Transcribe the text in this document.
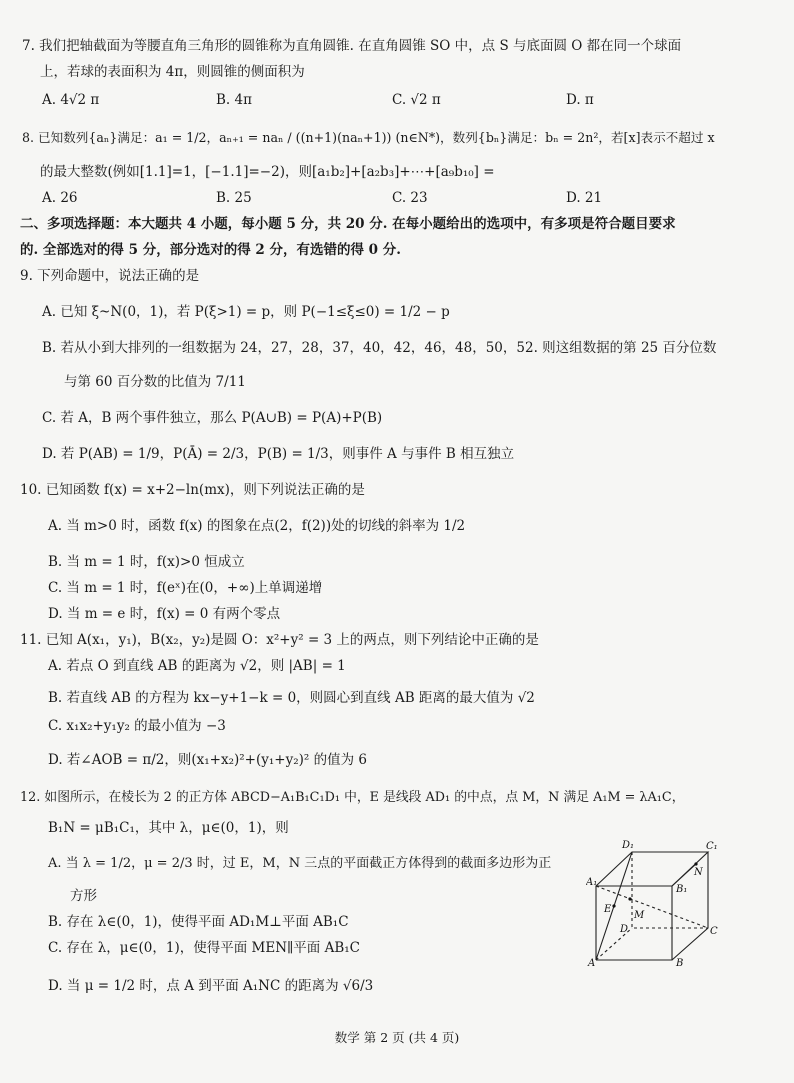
7. 我们把轴截面为等腰直角三角形的圆锥称为直角圆锥. 在直角圆锥 SO 中，点 S 与底面圆 O 都在同一个球面
上，若球的表面积为 4π，则圆锥的侧面积为
A. 4√2 π	B. 4π	C. √2 π	D. π
8. 已知数列{aₙ}满足：a₁ = 1/2，aₙ₊₁ = naₙ / ((n+1)(naₙ+1)) (n∈N*)，数列{bₙ}满足：bₙ = 2n²，若[x]表示不超过 x
的最大整数(例如[1.1]=1，[−1.1]=−2)，则[a₁b₂]+[a₂b₃]+⋯+[a₉b₁₀] =
A. 26	B. 25	C. 23	D. 21
二、多项选择题：本大题共 4 小题，每小题 5 分，共 20 分. 在每小题给出的选项中，有多项是符合题目要求
的. 全部选对的得 5 分，部分选对的得 2 分，有选错的得 0 分.
9. 下列命题中，说法正确的是
A. 已知 ξ~N(0，1)，若 P(ξ>1) = p，则 P(−1≤ξ≤0) = 1/2 − p
B. 若从小到大排列的一组数据为 24，27，28，37，40，42，46，48，50，52. 则这组数据的第 25 百分位数
与第 60 百分数的比值为 7/11
C. 若 A，B 两个事件独立，那么 P(A∪B) = P(A)+P(B)
D. 若 P(AB) = 1/9，P(Ā) = 2/3，P(B) = 1/3，则事件 A 与事件 B 相互独立
10. 已知函数 f(x) = x+2−ln(mx)，则下列说法正确的是
A. 当 m>0 时，函数 f(x) 的图象在点(2，f(2))处的切线的斜率为 1/2
B. 当 m = 1 时，f(x)>0 恒成立
C. 当 m = 1 时，f(eˣ)在(0，+∞)上单调递增
D. 当 m = e 时，f(x) = 0 有两个零点
11. 已知 A(x₁，y₁)，B(x₂，y₂)是圆 O：x²+y² = 3 上的两点，则下列结论中正确的是
A. 若点 O 到直线 AB 的距离为 √2，则 |AB| = 1
B. 若直线 AB 的方程为 kx−y+1−k = 0，则圆心到直线 AB 距离的最大值为 √2
C. x₁x₂+y₁y₂ 的最小值为 −3
D. 若∠AOB = π/2，则(x₁+x₂)²+(y₁+y₂)² 的值为 6
12. 如图所示，在棱长为 2 的正方体 ABCD−A₁B₁C₁D₁ 中，E 是线段 AD₁ 的中点，点 M，N 满足 A₁M = λA₁C，
B₁N = μB₁C₁，其中 λ，μ∈(0，1)，则
A. 当 λ = 1/2，μ = 2/3 时，过 E，M，N 三点的平面截正方体得到的截面多边形为正
方形
B. 存在 λ∈(0，1)，使得平面 AD₁M⊥平面 AB₁C
C. 存在 λ，μ∈(0，1)，使得平面 MEN∥平面 AB₁C
D. 当 μ = 1/2 时，点 A 到平面 A₁NC 的距离为 √6/3
D₁	C₁
A₁
B₁
N
E
M
D	C
A	B
数学 第 2 页 (共 4 页)
